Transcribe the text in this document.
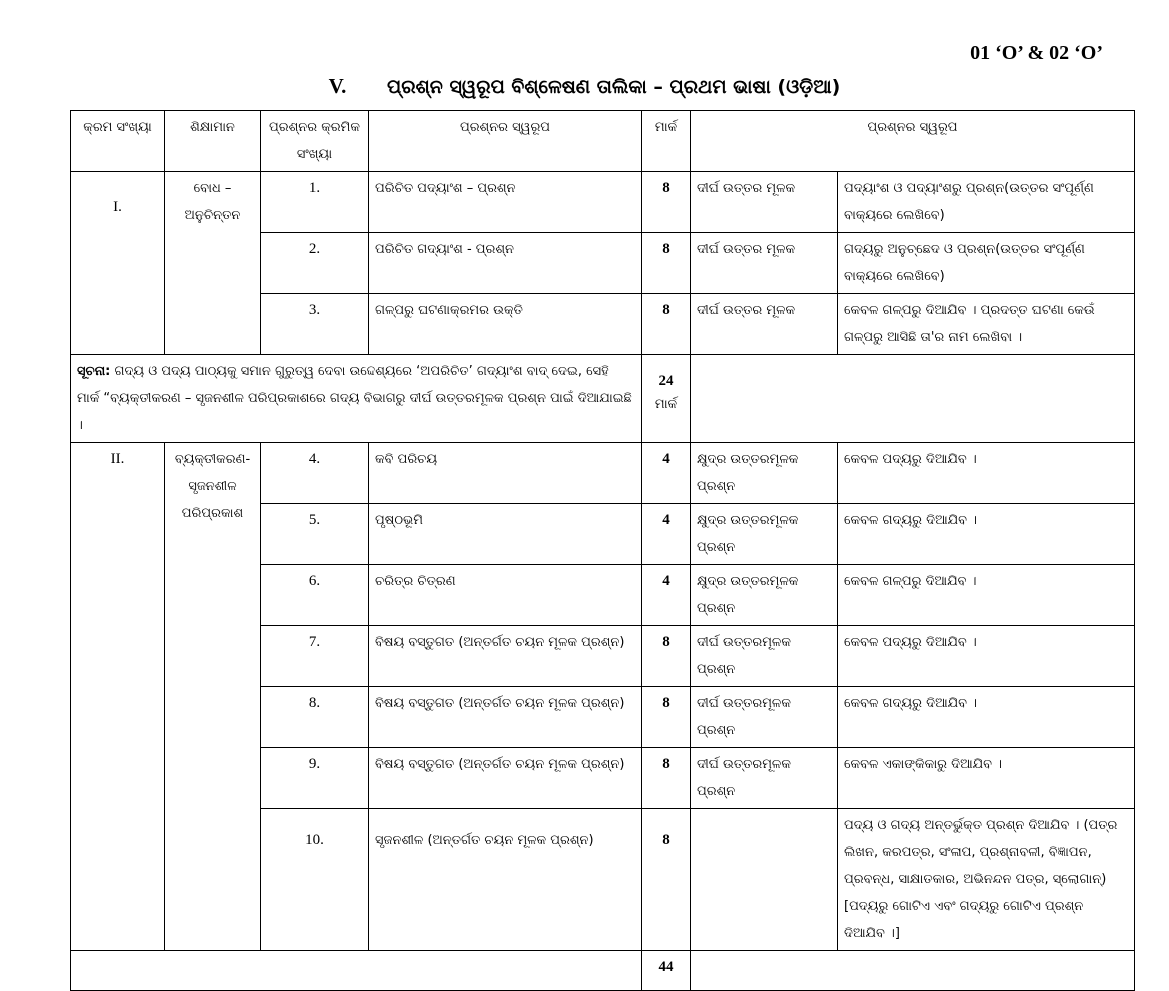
01 ‘O’ & 02 ‘O’
V. ପ୍ରଶ୍ନ ସ୍ୱରୂପ ବିଶ୍ଳେଷଣ ତାଲିକା – ପ୍ରଥମ ଭାଷା (ଓଡ଼ିଆ)
କ୍ରମ ସଂଖ୍ୟା	ଶିକ୍ଷାମାନ	ପ୍ରଶ୍ନର କ୍ରମିକ ସଂଖ୍ୟା	ପ୍ରଶ୍ନର ସ୍ୱରୂପ	ମାର୍କ	ପ୍ରଶ୍ନର ସ୍ୱରୂପ	
I.	ବୋଧ – ଅନୁଚିନ୍ତନ	1.	ପରିଚିତ ପଦ୍ୟାଂଶ – ପ୍ରଶ୍ନ	8	ଦୀର୍ଘ ଉତ୍ତର ମୂଳକ	ପଦ୍ୟାଂଶ ଓ ପଦ୍ୟାଂଶରୁ ପ୍ରଶ୍ନ(ଉତ୍ତର ସଂପୂର୍ଣ୍ଣ ବାକ୍ୟରେ ଲେଖିବେ)
		2.	ପରିଚିତ ଗଦ୍ୟାଂଶ - ପ୍ରଶ୍ନ	8	ଦୀର୍ଘ ଉତ୍ତର ମୂଳକ	ଗଦ୍ୟରୁ ଅନୁଚ୍ଛେଦ ଓ ପ୍ରଶ୍ନ(ଉତ୍ତର ସଂପୂର୍ଣ୍ଣ ବାକ୍ୟରେ ଲେଖିବେ)
		3.	ଗଳ୍ପରୁ ଘଟଣାକ୍ରମର ଉକ୍ତି	8	ଦୀର୍ଘ ଉତ୍ତର ମୂଳକ	କେବଳ ଗଳ୍ପରୁ ଦିଆଯିବ । ପ୍ରଦତ୍ତ ଘଟଣା କେଉଁ ଗଳ୍ପରୁ ଆସିଛି ତା'ର ନାମ ଲେଖିବା ।
ସୂଚନା: ଗଦ୍ୟ ଓ ପଦ୍ୟ ପାଠ୍ୟକୁ ସମାନ ଗୁରୁତ୍ୱ ଦେବା ଉଦ୍ଦେଶ୍ୟରେ ‘ଅପରିଚିତ’ ଗଦ୍ୟାଂଶ ବାଦ୍ ଦେଇ, ସେହି ମାର୍କ “ବ୍ୟକ୍ତୀକରଣ – ସୃଜନଶୀଳ ପରିପ୍ରକାଶରେ ଗଦ୍ୟ ବିଭାଗରୁ ଦୀର୍ଘ ଉତ୍ତରମୂଳକ ପ୍ରଶ୍ନ ପାଇଁ ଦିଆଯାଇଛି ।				24
ମାର୍କ		

II.	ବ୍ୟକ୍ତୀକରଣ- ସୃଜନଶୀଳ ପରିପ୍ରକାଶ	4.	କବି ପରିଚୟ	4	କ୍ଷୁଦ୍ର ଉତ୍ତରମୂଳକ ପ୍ରଶ୍ନ	କେବଳ ପଦ୍ୟରୁ ଦିଆଯିବ ।
		5.	ପୃଷ୍ଠଭୂମି	4	କ୍ଷୁଦ୍ର ଉତ୍ତରମୂଳକ ପ୍ରଶ୍ନ	କେବଳ ଗଦ୍ୟରୁ ଦିଆଯିବ ।
		6.	ଚରିତ୍ର ଚିତ୍ରଣ	4	କ୍ଷୁଦ୍ର ଉତ୍ତରମୂଳକ ପ୍ରଶ୍ନ	କେବଳ ଗଳ୍ପରୁ ଦିଆଯିବ ।
		7.	ବିଷୟ ବସ୍ତୁଗତ (ଅନ୍ତର୍ଗତ ଚୟନ ମୂଳକ ପ୍ରଶ୍ନ)	8	ଦୀର୍ଘ ଉତ୍ତରମୂଳକ ପ୍ରଶ୍ନ	କେବଳ ପଦ୍ୟରୁ ଦିଆଯିବ ।
		8.	ବିଷୟ ବସ୍ତୁଗତ (ଅନ୍ତର୍ଗତ ଚୟନ ମୂଳକ ପ୍ରଶ୍ନ)	8	ଦୀର୍ଘ ଉତ୍ତରମୂଳକ ପ୍ରଶ୍ନ	କେବଳ ଗଦ୍ୟରୁ ଦିଆଯିବ ।
		9.	ବିଷୟ ବସ୍ତୁଗତ (ଅନ୍ତର୍ଗତ ଚୟନ ମୂଳକ ପ୍ରଶ୍ନ)	8	ଦୀର୍ଘ ଉତ୍ତରମୂଳକ ପ୍ରଶ୍ନ	କେବଳ ଏକାଙ୍କିକାରୁ ଦିଆଯିବ ।
		10.	ସୃଜନଶୀଳ (ଅନ୍ତର୍ଗତ ଚୟନ ମୂଳକ ପ୍ରଶ୍ନ)	8		ପଦ୍ୟ ଓ ଗଦ୍ୟ ଅନ୍ତର୍ଭୁକ୍ତ ପ୍ରଶ୍ନ ଦିଆଯିବ । (ପତ୍ର ଲିଖନ, କରପତ୍ର, ସଂଳାପ, ପ୍ରଶ୍ନାବଳୀ, ବିଜ୍ଞାପନ, ପ୍ରବନ୍ଧ, ସାକ୍ଷାତକାର, ଅଭିନନ୍ଦନ ପତ୍ର, ସ୍ଲୋଗାନ୍) [ପଦ୍ୟରୁ ଗୋଟିଏ ଏବଂ ଗଦ୍ୟରୁ ଗୋଟିଏ ପ୍ରଶ୍ନ ଦିଆଯିବ ।]
				44		
